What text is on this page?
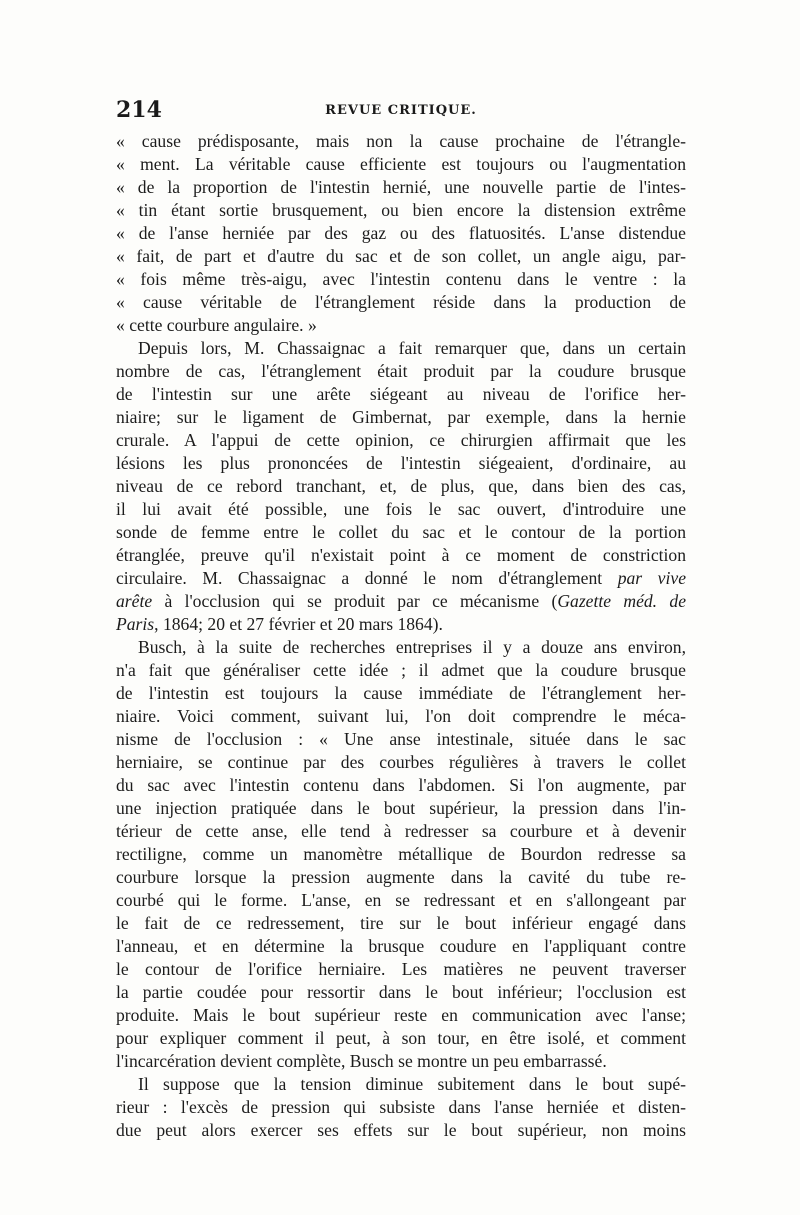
214	REVUE CRITIQUE.
« cause prédisposante, mais non la cause prochaine de l'étrangle-
« ment. La véritable cause efficiente est toujours ou l'augmentation
« de la proportion de l'intestin hernié, une nouvelle partie de l'intes-
« tin étant sortie brusquement, ou bien encore la distension extrême
« de l'anse herniée par des gaz ou des flatuosités. L'anse distendue
« fait, de part et d'autre du sac et de son collet, un angle aigu, par-
« fois même très-aigu, avec l'intestin contenu dans le ventre : la
« cause véritable de l'étranglement réside dans la production de
« cette courbure angulaire. »
Depuis lors, M. Chassaignac a fait remarquer que, dans un certain
nombre de cas, l'étranglement était produit par la coudure brusque
de l'intestin sur une arête siégeant au niveau de l'orifice her-
niaire; sur le ligament de Gimbernat, par exemple, dans la hernie
crurale. A l'appui de cette opinion, ce chirurgien affirmait que les
lésions les plus prononcées de l'intestin siégeaient, d'ordinaire, au
niveau de ce rebord tranchant, et, de plus, que, dans bien des cas,
il lui avait été possible, une fois le sac ouvert, d'introduire une
sonde de femme entre le collet du sac et le contour de la portion
étranglée, preuve qu'il n'existait point à ce moment de constriction
circulaire. M. Chassaignac a donné le nom d'étranglement par vive
arête à l'occlusion qui se produit par ce mécanisme (Gazette méd. de
Paris, 1864; 20 et 27 février et 20 mars 1864).
Busch, à la suite de recherches entreprises il y a douze ans environ,
n'a fait que généraliser cette idée ; il admet que la coudure brusque
de l'intestin est toujours la cause immédiate de l'étranglement her-
niaire. Voici comment, suivant lui, l'on doit comprendre le méca-
nisme de l'occlusion : « Une anse intestinale, située dans le sac
herniaire, se continue par des courbes régulières à travers le collet
du sac avec l'intestin contenu dans l'abdomen. Si l'on augmente, par
une injection pratiquée dans le bout supérieur, la pression dans l'in-
térieur de cette anse, elle tend à redresser sa courbure et à devenir
rectiligne, comme un manomètre métallique de Bourdon redresse sa
courbure lorsque la pression augmente dans la cavité du tube re-
courbé qui le forme. L'anse, en se redressant et en s'allongeant par
le fait de ce redressement, tire sur le bout inférieur engagé dans
l'anneau, et en détermine la brusque coudure en l'appliquant contre
le contour de l'orifice herniaire. Les matières ne peuvent traverser
la partie coudée pour ressortir dans le bout inférieur; l'occlusion est
produite. Mais le bout supérieur reste en communication avec l'anse;
pour expliquer comment il peut, à son tour, en être isolé, et comment
l'incarcération devient complète, Busch se montre un peu embarrassé.
Il suppose que la tension diminue subitement dans le bout supé-
rieur : l'excès de pression qui subsiste dans l'anse herniée et disten-
due peut alors exercer ses effets sur le bout supérieur, non moins
